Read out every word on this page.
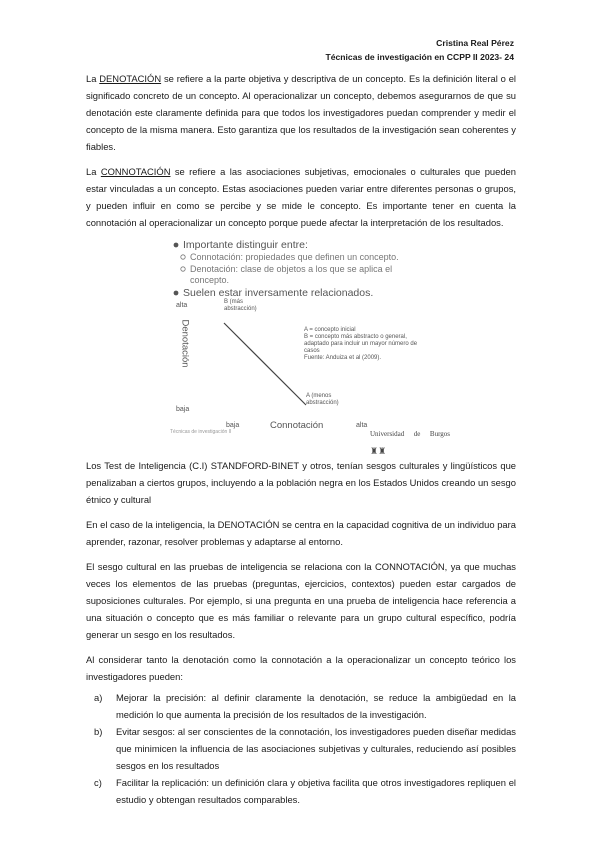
Cristina Real Pérez
Técnicas de investigación en CCPP II 2023- 24

La DENOTACIÓN se refiere a la parte objetiva y descriptiva de un concepto. Es la definición literal o el significado concreto de un concepto. Al operacionalizar un concepto, debemos asegurarnos de que su denotación este claramente definida para que todos los investigadores puedan comprender y medir el concepto de la misma manera. Esto garantiza que los resultados de la investigación sean coherentes y fiables.

La CONNOTACIÓN se refiere a las asociaciones subjetivas, emocionales o culturales que pueden estar vinculadas a un concepto. Estas asociaciones pueden variar entre diferentes personas o grupos, y pueden influir en como se percibe y se mide le concepto. Es importante tener en cuenta la connotación al operacionalizar un concepto porque puede afectar la interpretación de los resultados.

Importante distinguir entre:
Connotación: propiedades que definen un concepto.
Denotación: clase de objetos a los que se aplica el
concepto.
Suelen estar inversamente relacionados.
alta
Denotación
baja
B (más
abstracción)
A (menos
abstracción)
A = concepto inicial
B = concepto más abstracto o general,
adaptado para incluir un mayor número de
casos
Fuente: Anduiza et al (2009).
baja	Connotación	alta
Técnicas de investigación II	Universidad de Burgos ♜♜

Los Test de Inteligencia (C.I) STANDFORD-BINET y otros, tenían sesgos culturales y lingüísticos que penalizaban a ciertos grupos, incluyendo a la población negra en los Estados Unidos creando un sesgo étnico y cultural

En el caso de la inteligencia, la DENOTACIÓN se centra en la capacidad cognitiva de un individuo para aprender, razonar, resolver problemas y adaptarse al entorno.

El sesgo cultural en las pruebas de inteligencia se relaciona con la CONNOTACIÓN, ya que muchas veces los elementos de las pruebas (preguntas, ejercicios, contextos) pueden estar cargados de suposiciones culturales. Por ejemplo, si una pregunta en una prueba de inteligencia hace referencia a una situación o concepto que es más familiar o relevante para un grupo cultural específico, podría generar un sesgo en los resultados.

Al considerar tanto la denotación como la connotación a la operacionalizar un concepto teórico los investigadores pueden:

a) Mejorar la precisión: al definir claramente la denotación, se reduce la ambigüedad en la medición lo que aumenta la precisión de los resultados de la investigación.
b) Evitar sesgos: al ser conscientes de la connotación, los investigadores pueden diseñar medidas que minimicen la influencia de las asociaciones subjetivas y culturales, reduciendo así posibles sesgos en los resultados
c) Facilitar la replicación: un definición clara y objetiva facilita que otros investigadores repliquen el estudio y obtengan resultados comparables.
